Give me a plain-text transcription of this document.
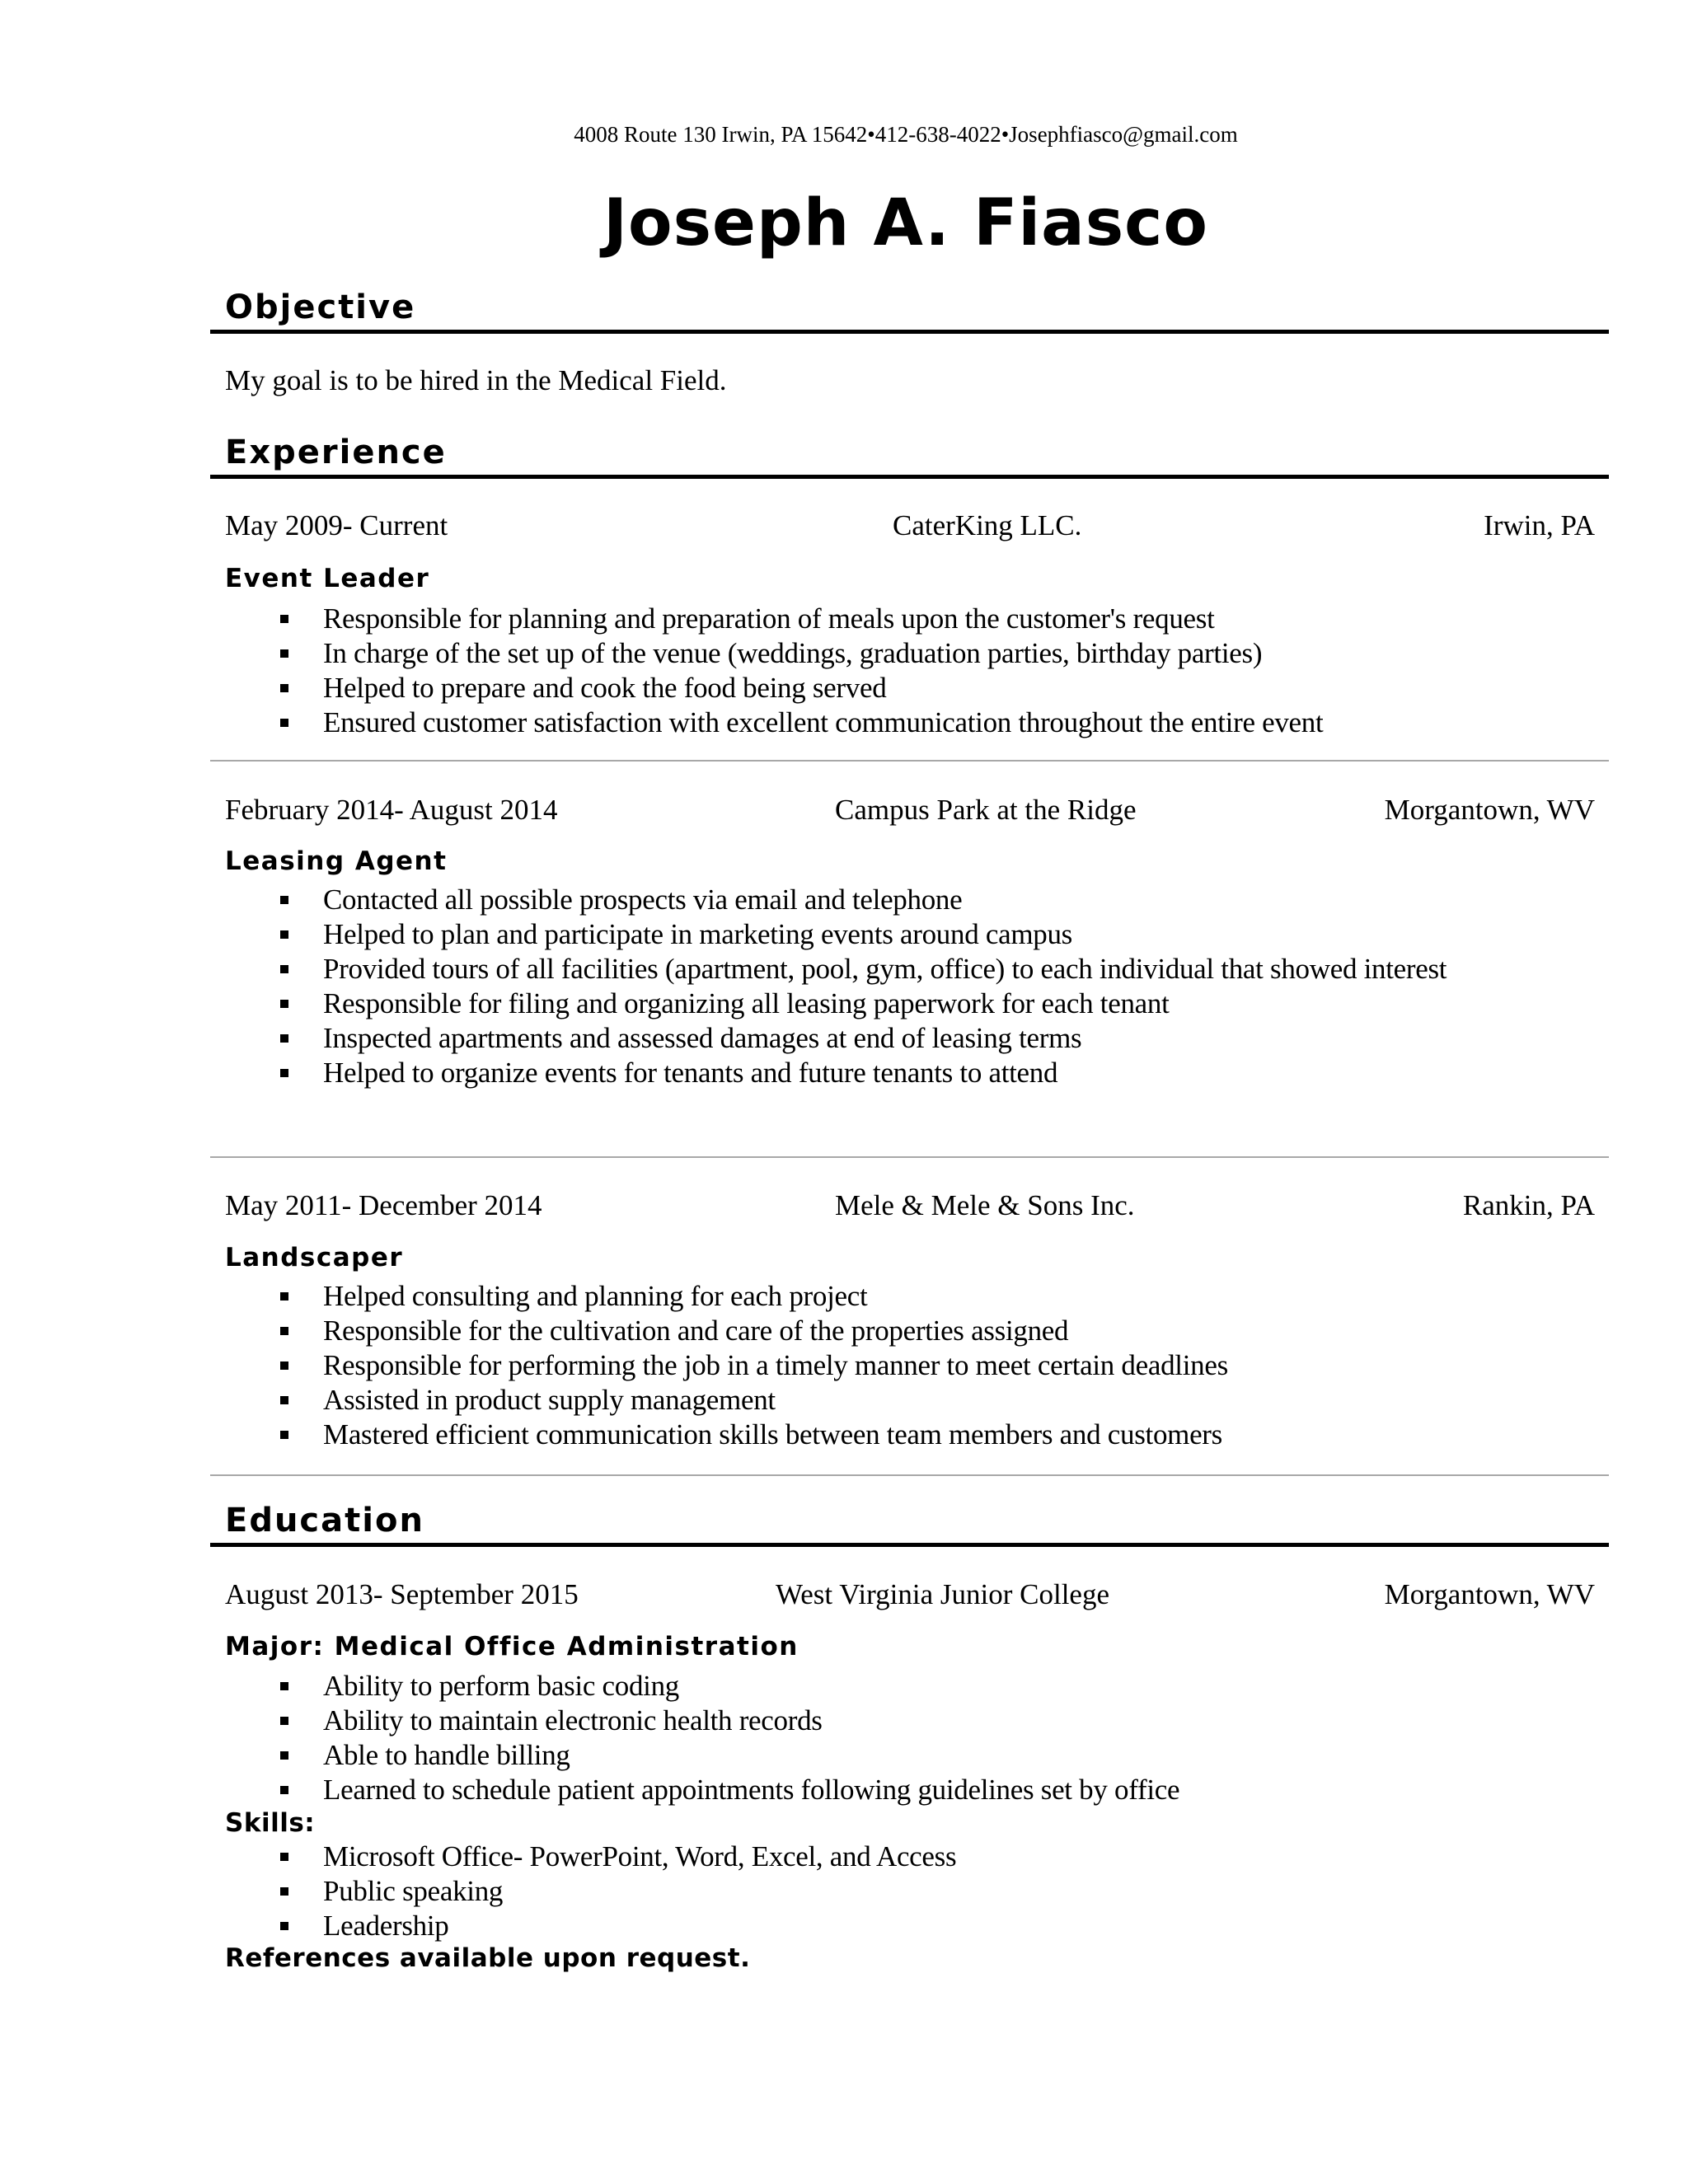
4008 Route 130 Irwin, PA 15642•412-638-4022•Josephfiasco@gmail.com
Joseph A. Fiasco
Objective
My goal is to be hired in the Medical Field.
Experience
May 2009- Current	CaterKing LLC.	Irwin, PA
Event Leader
Responsible for planning and preparation of meals upon the customer's request
In charge of the set up of the venue (weddings, graduation parties, birthday parties)
Helped to prepare and cook the food being served
Ensured customer satisfaction with excellent communication throughout the entire event
February 2014- August 2014	Campus Park at the Ridge	Morgantown, WV
Leasing Agent
Contacted all possible prospects via email and telephone
Helped to plan and participate in marketing events around campus
Provided tours of all facilities (apartment, pool, gym, office) to each individual that showed interest
Responsible for filing and organizing all leasing paperwork for each tenant
Inspected apartments and assessed damages at end of leasing terms
Helped to organize events for tenants and future tenants to attend
May 2011- December 2014	Mele & Mele & Sons Inc.	Rankin, PA
Landscaper
Helped consulting and planning for each project
Responsible for the cultivation and care of the properties assigned
Responsible for performing the job in a timely manner to meet certain deadlines
Assisted in product supply management
Mastered efficient communication skills between team members and customers
Education
August 2013- September 2015	West Virginia Junior College	Morgantown, WV
Major: Medical Office Administration
Ability to perform basic coding
Ability to maintain electronic health records
Able to handle billing
Learned to schedule patient appointments following guidelines set by office
Skills:
Microsoft Office- PowerPoint, Word, Excel, and Access
Public speaking
Leadership
References available upon request.
